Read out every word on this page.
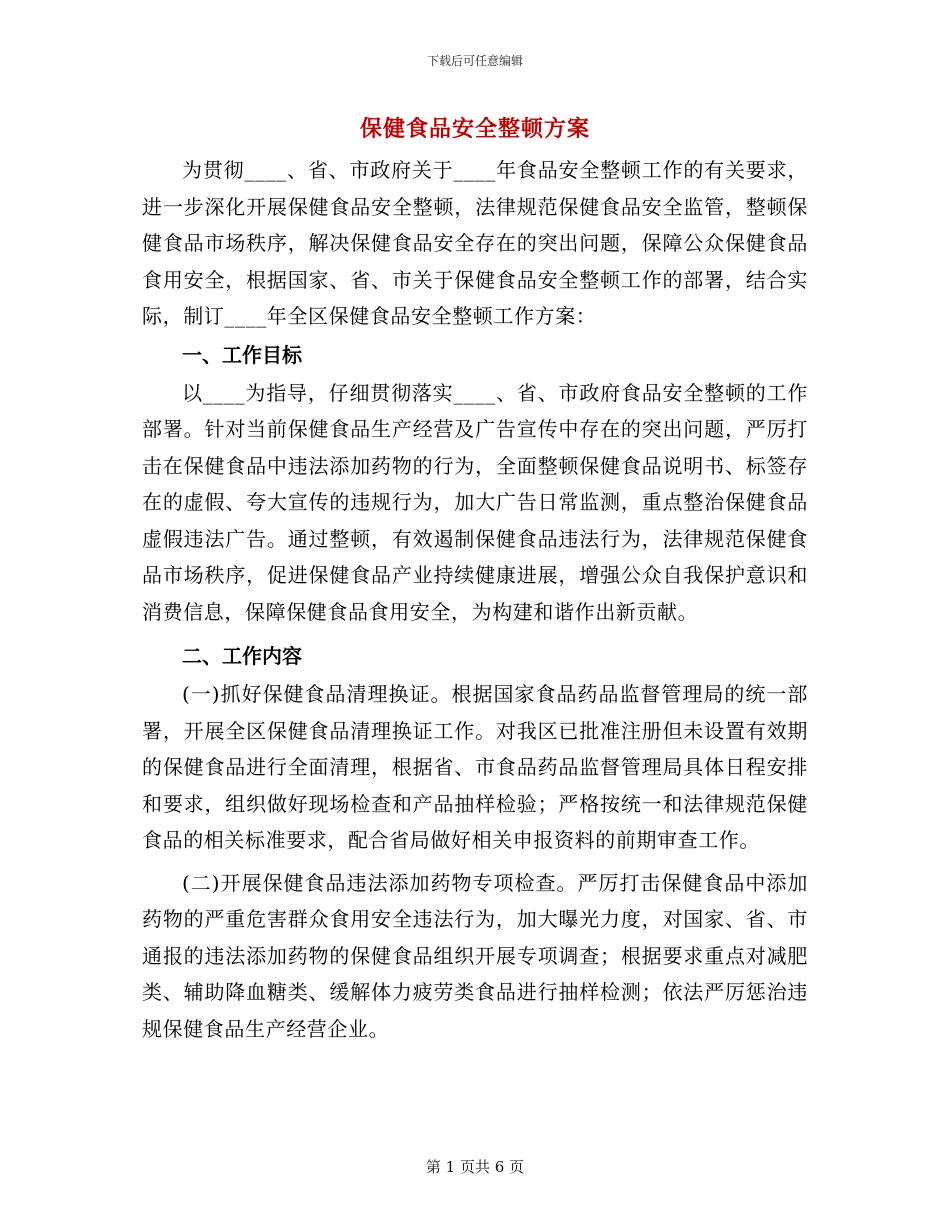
下载后可任意编辑
保健食品安全整顿方案

为贯彻____、省、市政府关于____年食品安全整顿工作的有关要求，进一步深化开展保健食品安全整顿，法律规范保健食品安全监管，整顿保健食品市场秩序，解决保健食品安全存在的突出问题，保障公众保健食品食用安全，根据国家、省、市关于保健食品安全整顿工作的部署，结合实际，制订____年全区保健食品安全整顿工作方案：

一、工作目标

以____为指导，仔细贯彻落实____、省、市政府食品安全整顿的工作部署。针对当前保健食品生产经营及广告宣传中存在的突出问题，严厉打击在保健食品中违法添加药物的行为，全面整顿保健食品说明书、标签存在的虚假、夸大宣传的违规行为，加大广告日常监测，重点整治保健食品虚假违法广告。通过整顿，有效遏制保健食品违法行为，法律规范保健食品市场秩序，促进保健食品产业持续健康进展，增强公众自我保护意识和消费信息，保障保健食品食用安全，为构建和谐作出新贡献。

二、工作内容

(一)抓好保健食品清理换证。根据国家食品药品监督管理局的统一部署，开展全区保健食品清理换证工作。对我区已批准注册但未设置有效期的保健食品进行全面清理，根据省、市食品药品监督管理局具体日程安排和要求，组织做好现场检查和产品抽样检验；严格按统一和法律规范保健食品的相关标准要求，配合省局做好相关申报资料的前期审查工作。

(二)开展保健食品违法添加药物专项检查。严厉打击保健食品中添加药物的严重危害群众食用安全违法行为，加大曝光力度，对国家、省、市通报的违法添加药物的保健食品组织开展专项调查；根据要求重点对减肥类、辅助降血糖类、缓解体力疲劳类食品进行抽样检测；依法严厉惩治违规保健食品生产经营企业。

第 1 页共 6 页
